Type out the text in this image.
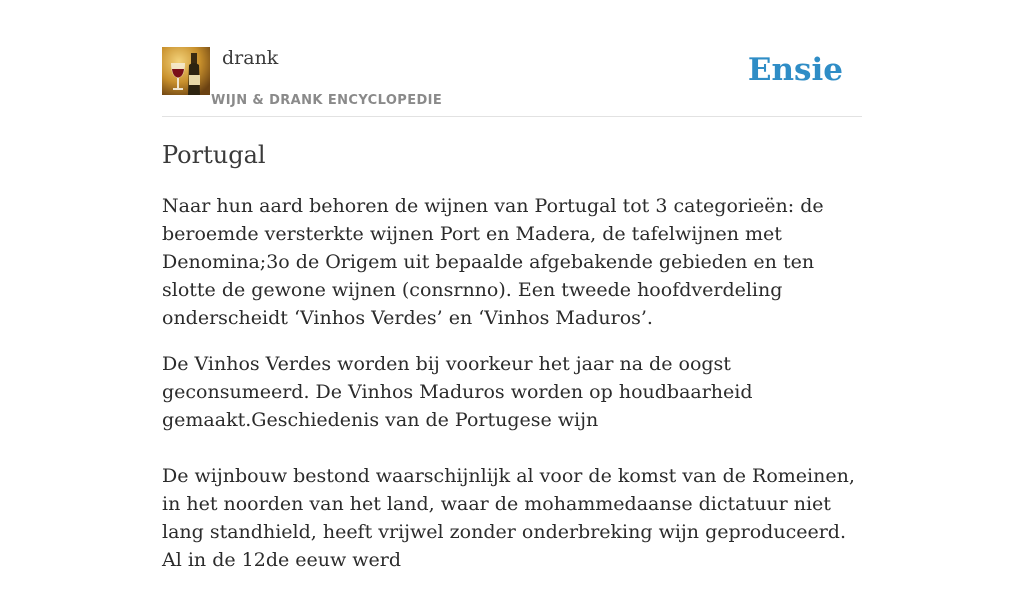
drank
WIJN & DRANK ENCYCLOPEDIE
Ensie
Portugal

Naar hun aard behoren de wijnen van Portugal tot 3 categorieën: de beroemde versterkte wijnen Port en Madera, de tafelwijnen met Denomina;3o de Origem uit bepaalde afgebakende gebieden en ten slotte de gewone wijnen (consrnno). Een tweede hoofdverdeling onderscheidt ‘Vinhos Verdes’ en ‘Vinhos Maduros’.

De Vinhos Verdes worden bij voorkeur het jaar na de oogst geconsumeerd. De Vinhos Maduros worden op houdbaarheid gemaakt.Geschiedenis van de Portugese wijn

De wijnbouw bestond waarschijnlijk al voor de komst van de Romeinen, in het noorden van het land, waar de mohammedaanse dictatuur niet lang standhield, heeft vrijwel zonder onderbreking wijn geproduceerd. Al in de 12de eeuw werd
